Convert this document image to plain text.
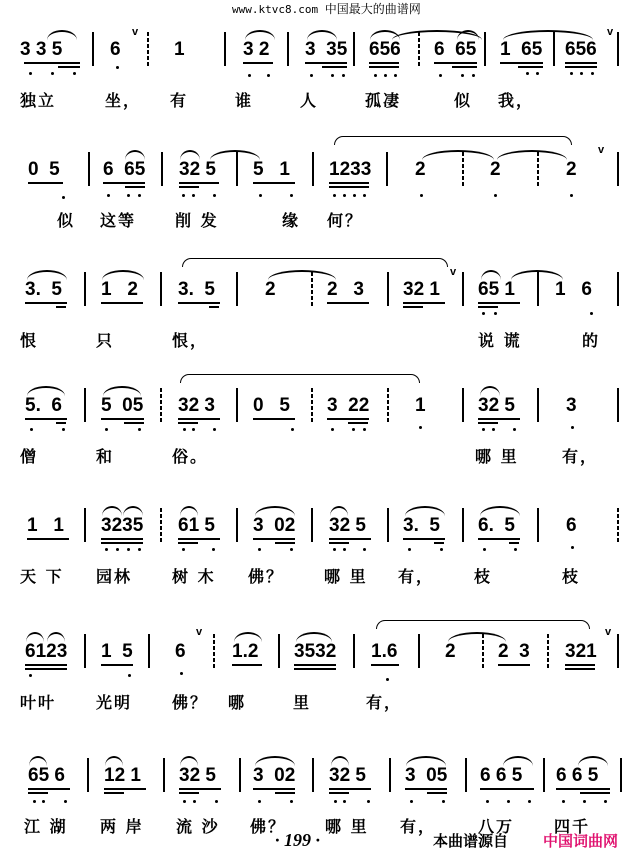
www.ktvc8.com 中国最大的曲谱网
3 3 5	6	1	3 2 3  35 656 6  65 1  65 656
v	v
独立	坐， 有	谁	人	孤凄	似 我，
0  5 6  65 32 5 5   1 1233 2	2	2
v
似 这等 削 发	缘 何？
3.  5 1   2 3.  5	2	2   3 32 1 65 1 1   6
v
恨	只	恨，	说 谎	的
5.  6 5  05 32 3 0   5 3  22 1	32 5	3
僧	和	俗。	哪 里	有，
1   1 3235 61 5 3  02 32 5 3.  5 6.  5	6
天 下 园林 树 木 佛？ 哪 里 有， 枝	枝
6123 1  5 6 1.2 3532 1.6	2 2  3 321
v	v
叶叶 光明 佛？ 哪	里	有，
65 6 12 1 32 5 3  02 32 5 3  05 6 6 5 6 6 5
江 湖 两 岸 流 沙 佛？ 哪 里 有，	八万 四千
· 199 ·	本曲谱源自 中国词曲网
